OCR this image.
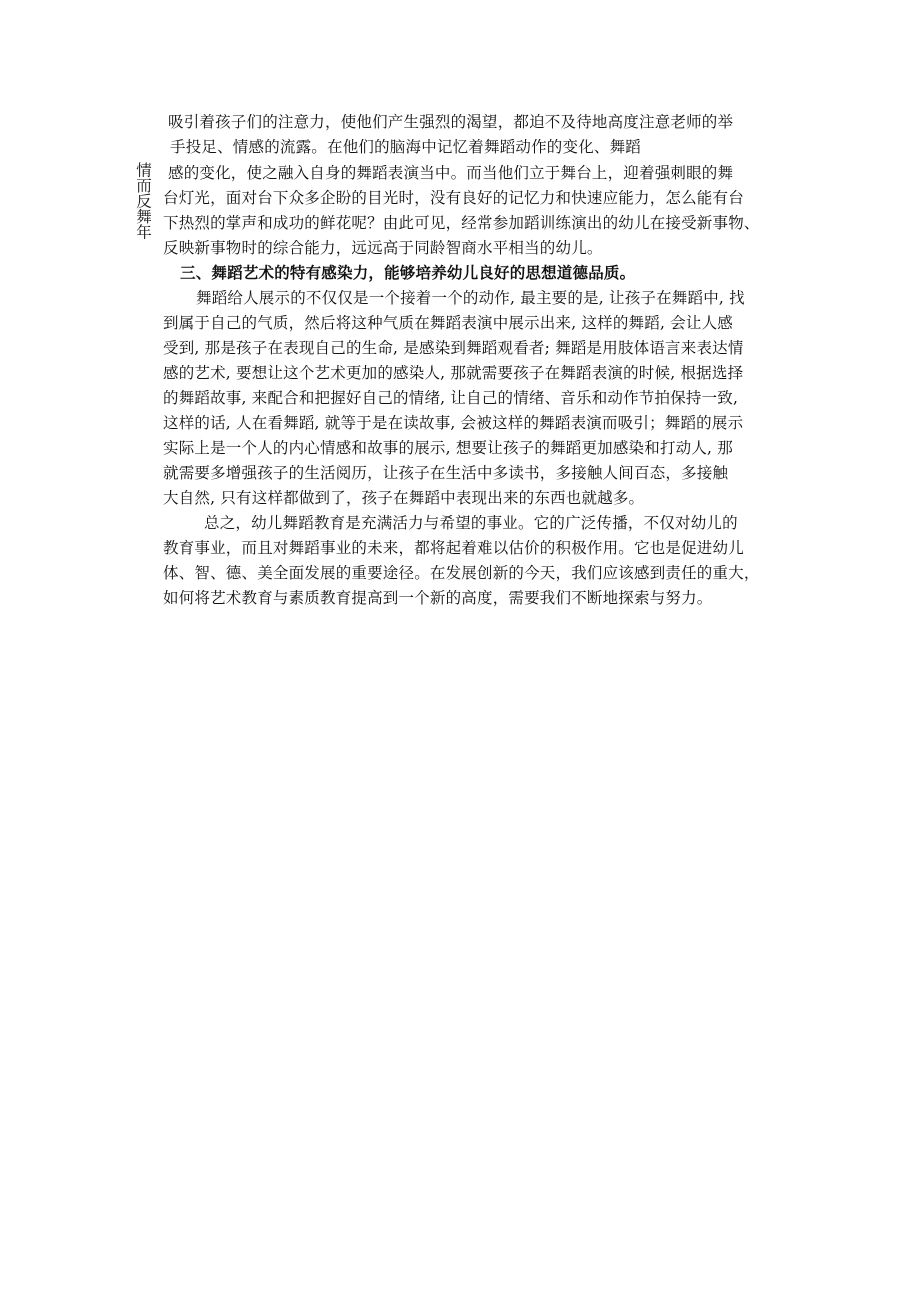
情而反舞年
吸引着孩子们的注意力，使他们产生强烈的渴望，都迫不及待地高度注意老师的举
手投足、情感的流露。在他们的脑海中记忆着舞蹈动作的变化、舞蹈
感的变化，使之融入自身的舞蹈表演当中。而当他们立于舞台上，迎着强刺眼的舞
台灯光，面对台下众多企盼的目光时，没有良好的记忆力和快速应能力，怎么能有台
下热烈的掌声和成功的鲜花呢？由此可见，经常参加蹈训练演出的幼儿在接受新事物、
反映新事物时的综合能力，远远高于同龄智商水平相当的幼儿。
三、舞蹈艺术的特有感染力，能够培养幼儿良好的思想道德品质。
舞蹈给人展示的不仅仅是一个接着一个的动作, 最主要的是, 让孩子在舞蹈中, 找
到属于自己的气质，然后将这种气质在舞蹈表演中展示出来, 这样的舞蹈, 会让人感
受到, 那是孩子在表现自己的生命, 是感染到舞蹈观看者; 舞蹈是用肢体语言来表达情
感的艺术, 要想让这个艺术更加的感染人, 那就需要孩子在舞蹈表演的时候, 根据选择
的舞蹈故事, 来配合和把握好自己的情绪, 让自己的情绪、音乐和动作节拍保持一致,
这样的话, 人在看舞蹈, 就等于是在读故事, 会被这样的舞蹈表演而吸引；舞蹈的展示
实际上是一个人的内心情感和故事的展示, 想要让孩子的舞蹈更加感染和打动人, 那
就需要多增强孩子的生活阅历，让孩子在生活中多读书，多接触人间百态，多接触
大自然, 只有这样都做到了，孩子在舞蹈中表现出来的东西也就越多。
总之，幼儿舞蹈教育是充满活力与希望的事业。它的广泛传播，不仅对幼儿的
教育事业，而且对舞蹈事业的未来，都将起着难以估价的积极作用。它也是促进幼儿
体、智、德、美全面发展的重要途径。在发展创新的今天，我们应该感到责任的重大，
如何将艺术教育与素质教育提高到一个新的高度，需要我们不断地探索与努力。
